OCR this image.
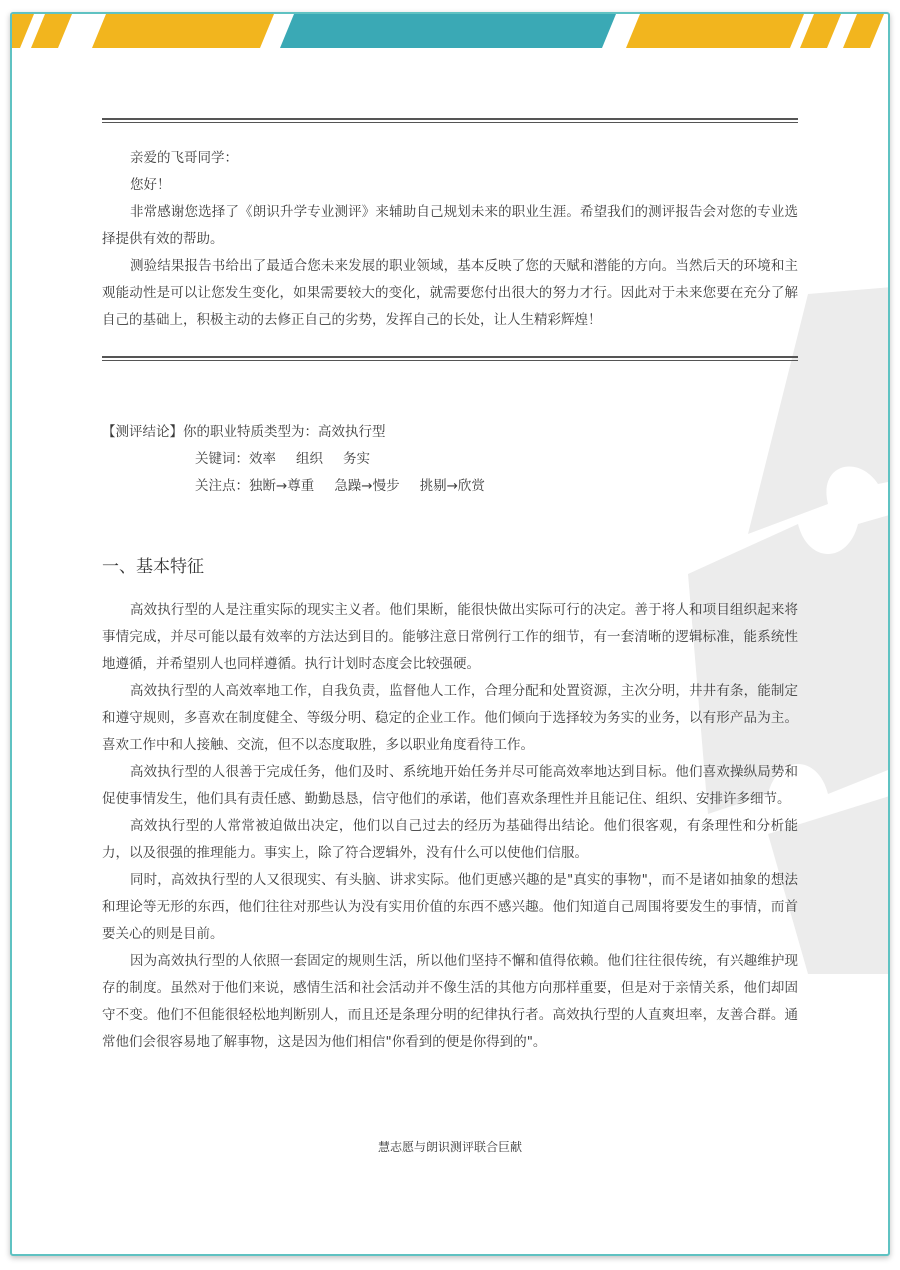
亲爱的飞哥同学：

您好！

非常感谢您选择了《朗识升学专业测评》来辅助自己规划未来的职业生涯。希望我们的测评报告会对您的专业选择提供有效的帮助。

测验结果报告书给出了最适合您未来发展的职业领域，基本反映了您的天赋和潜能的方向。当然后天的环境和主观能动性是可以让您发生变化，如果需要较大的变化，就需要您付出很大的努力才行。因此对于未来您要在充分了解自己的基础上，积极主动的去修正自己的劣势，发挥自己的长处，让人生精彩辉煌！

【测评结论】你的职业特质类型为：高效执行型
关键词：效率 组织 务实
关注点：独断→尊重 急躁→慢步 挑剔→欣赏
一、基本特征

高效执行型的人是注重实际的现实主义者。他们果断，能很快做出实际可行的决定。善于将人和项目组织起来将事情完成，并尽可能以最有效率的方法达到目的。能够注意日常例行工作的细节，有一套清晰的逻辑标准，能系统性地遵循，并希望别人也同样遵循。执行计划时态度会比较强硬。

高效执行型的人高效率地工作，自我负责，监督他人工作，合理分配和处置资源，主次分明，井井有条，能制定和遵守规则，多喜欢在制度健全、等级分明、稳定的企业工作。他们倾向于选择较为务实的业务，以有形产品为主。喜欢工作中和人接触、交流，但不以态度取胜，多以职业角度看待工作。

高效执行型的人很善于完成任务，他们及时、系统地开始任务并尽可能高效率地达到目标。他们喜欢操纵局势和促使事情发生，他们具有责任感、勤勤恳恳，信守他们的承诺，他们喜欢条理性并且能记住、组织、安排许多细节。

高效执行型的人常常被迫做出决定，他们以自己过去的经历为基础得出结论。他们很客观，有条理性和分析能力，以及很强的推理能力。事实上，除了符合逻辑外，没有什么可以使他们信服。

同时，高效执行型的人又很现实、有头脑、讲求实际。他们更感兴趣的是"真实的事物"，而不是诸如抽象的想法和理论等无形的东西，他们往往对那些认为没有实用价值的东西不感兴趣。他们知道自己周围将要发生的事情，而首要关心的则是目前。

因为高效执行型的人依照一套固定的规则生活，所以他们坚持不懈和值得依赖。他们往往很传统，有兴趣维护现存的制度。虽然对于他们来说，感情生活和社会活动并不像生活的其他方向那样重要，但是对于亲情关系，他们却固守不变。他们不但能很轻松地判断别人，而且还是条理分明的纪律执行者。高效执行型的人直爽坦率，友善合群。通常他们会很容易地了解事物，这是因为他们相信"你看到的便是你得到的"。

慧志愿与朗识测评联合巨献
